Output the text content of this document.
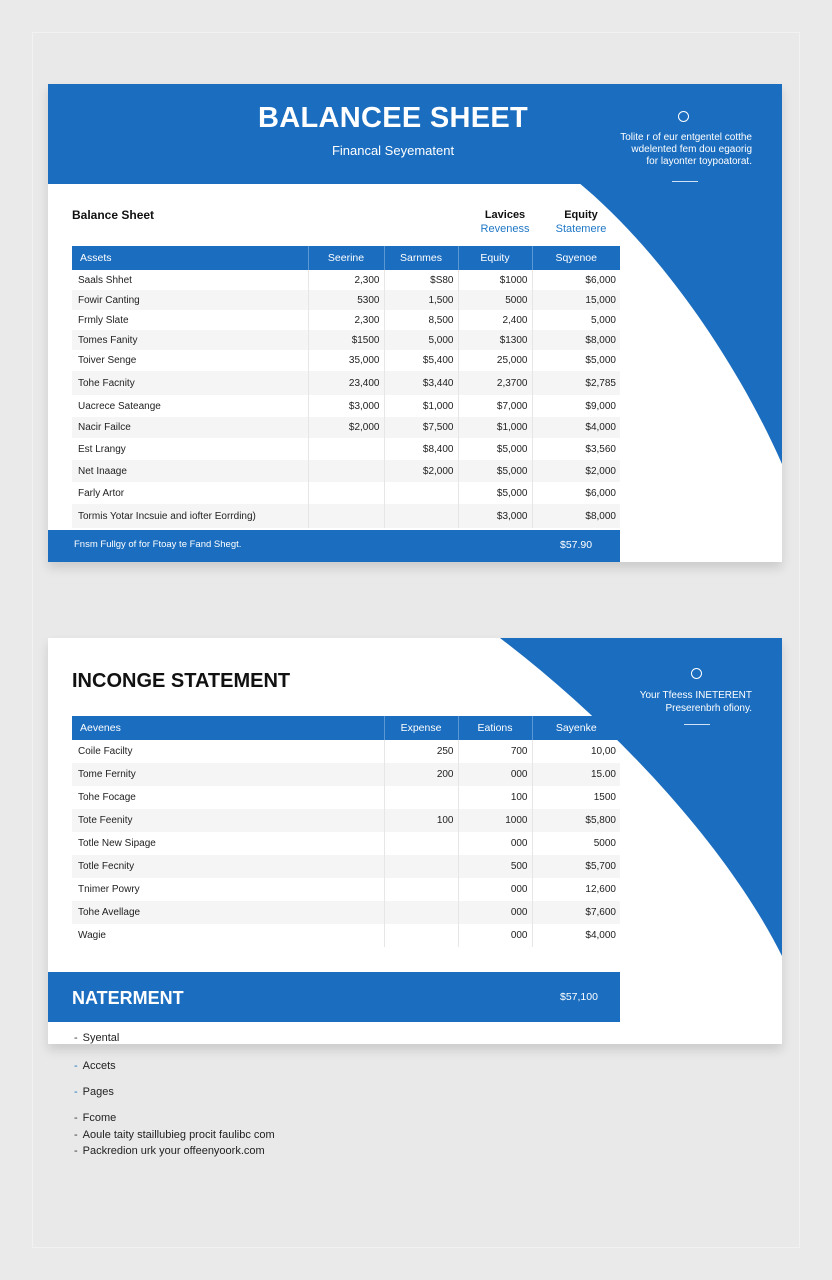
BALANCEE SHEET
Financal Seyematent
Tolite r of eur entgentel cotthe
wdelented fem dou egaorig
for layonter toypoatorat.
Balance Sheet	Lavices
Reveness
Equity
Statemere
Assets	Seerine	Sarnmes	Equity	Sqyenoe
Saals Shhet	2,300	$S80	$1000	$6,000
Fowir Canting	5300	1,500	5000	15,000
Frmly Slate	2,300	8,500	2,400	5,000
Tomes Fanity	$1500	5,000	$1300	$8,000
Toiver Senge	35,000	$5,400	25,000	$5,000
Tohe Facnity	23,400	$3,440	2,3700	$2,785
Uacrece Sateange	$3,000	$1,000	$7,000	$9,000
Nacir Failce	$2,000	$7,500	$1,000	$4,000
Est Lrangy		$8,400	$5,000	$3,560
Net Inaage		$2,000	$5,000	$2,000
Farly Artor			$5,000	$6,000
Tormis Yotar Incsuie and iofter Eorrding)			$3,000	$8,000
Fnsm Fullgy of for Ftoay te Fand Shegt.	$57.90
Your Tfeess INETERENT
Preserenbrh ofiony.
INCONGE STATEMENT
Aevenes	Expense	Eations	Sayenke
Coile Facilty	250	700	10,00
Tome Fernity	200	000	15.00
Tohe Focage		100	1500
Tote Feenity	100	1000	$5,800
Totle New Sipage		000	5000
Totle Fecnity		500	$5,700
Tnimer Powry		000	12,600
Tohe Avellage		000	$7,600
Wagie		000	$4,000
NATERMENT	$57,100
- Syental
- Accets
- Pages
- Fcome
- Aoule taity staillubieg procit faulibc com
- Packredion urk your offeenyoork.com
